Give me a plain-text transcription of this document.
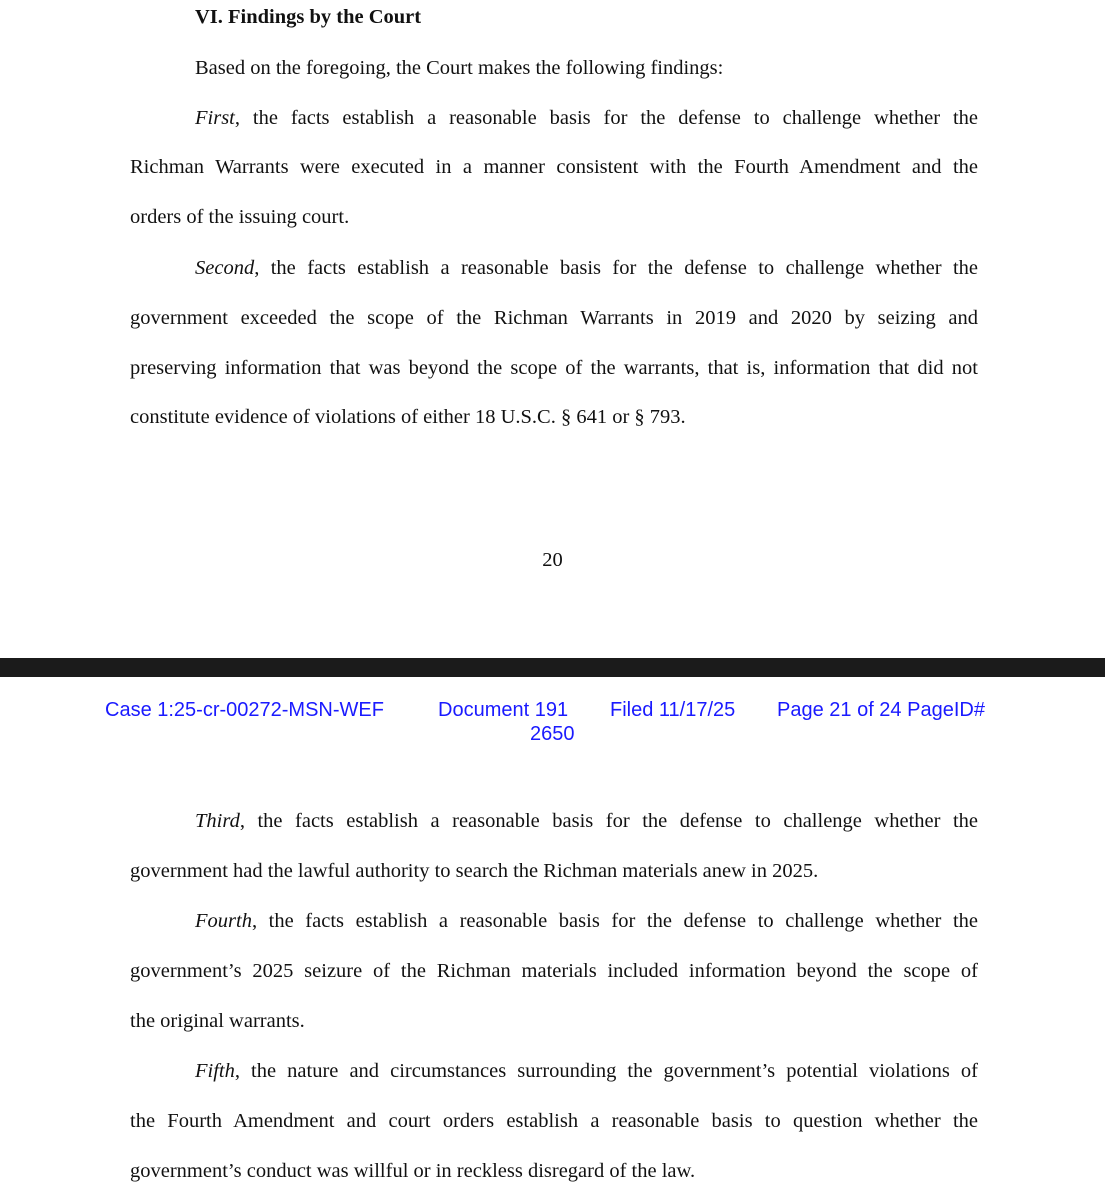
VI. Findings by the Court
Based on the foregoing, the Court makes the following findings:
First, the facts establish a reasonable basis for the defense to challenge whether the
Richman Warrants were executed in a manner consistent with the Fourth Amendment and the
orders of the issuing court.
Second, the facts establish a reasonable basis for the defense to challenge whether the
government exceeded the scope of the Richman Warrants in 2019 and 2020 by seizing and
preserving information that was beyond the scope of the warrants, that is, information that did not
constitute evidence of violations of either 18 U.S.C. § 641 or § 793.
20
Case 1:25-cr-00272-MSN-WEF	Document 191 Filed 11/17/25 Page 21 of 24 PageID#
2650
Third, the facts establish a reasonable basis for the defense to challenge whether the
government had the lawful authority to search the Richman materials anew in 2025.
Fourth, the facts establish a reasonable basis for the defense to challenge whether the
government’s 2025 seizure of the Richman materials included information beyond the scope of
the original warrants.
Fifth, the nature and circumstances surrounding the government’s potential violations of
the Fourth Amendment and court orders establish a reasonable basis to question whether the
government’s conduct was willful or in reckless disregard of the law.
